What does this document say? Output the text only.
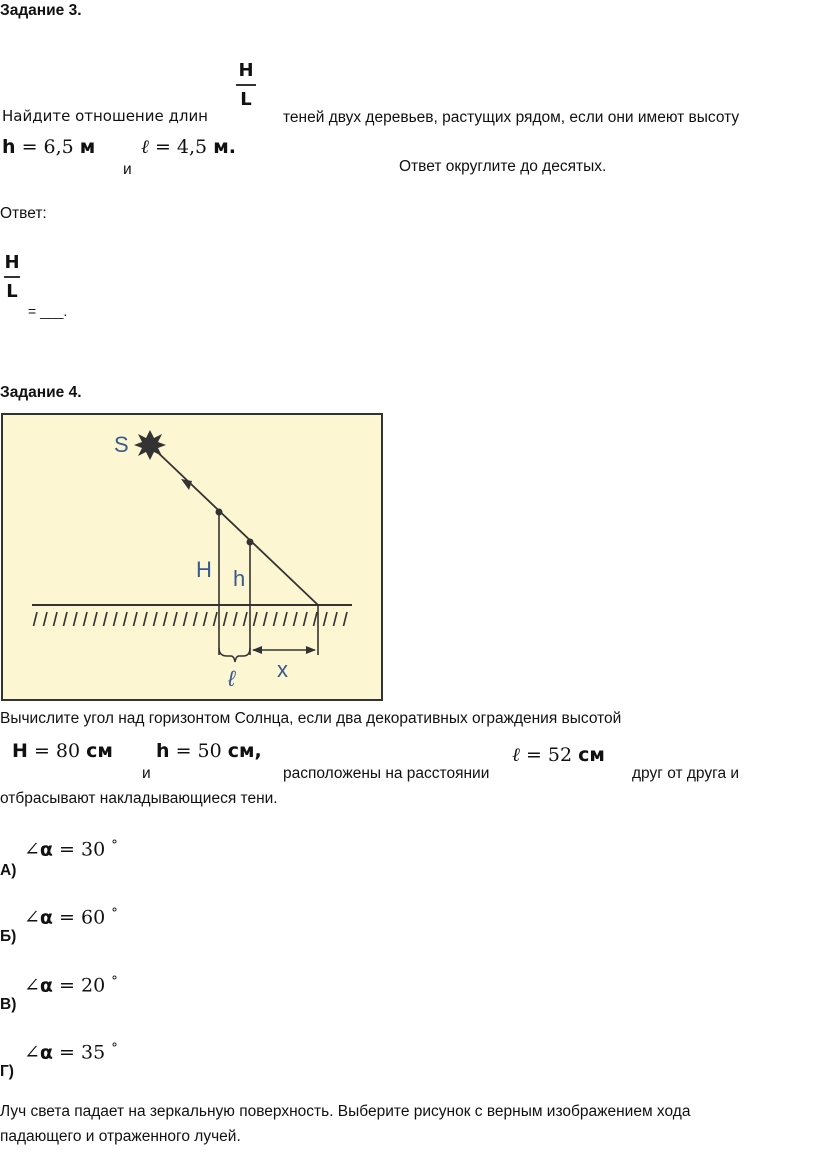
Задание 3.
Найдите отношение длин
H
L
теней двух деревьев, растущих рядом, если они имеют высоту
h = 6,5 м ℓ = 4,5 м.
и	Ответ округлите до десятых.
Ответ:
H
L
= ___.
Задание 4.
S
H h
ℓ x
Вычислите угол над горизонтом Солнца, если два декоративных ограждения высотой
H = 80 см h = 50 см,
и	расположены на расстоянии
ℓ = 52 см
друг от друга и
отбрасывают накладывающиеся тени.
А)
∠α = 30 °
Б)
∠α = 60 °
В)
∠α = 20 °
Г)
∠α = 35 °
Луч света падает на зеркальную поверхность. Выберите рисунок с верным изображением хода
падающего и отраженного лучей.
